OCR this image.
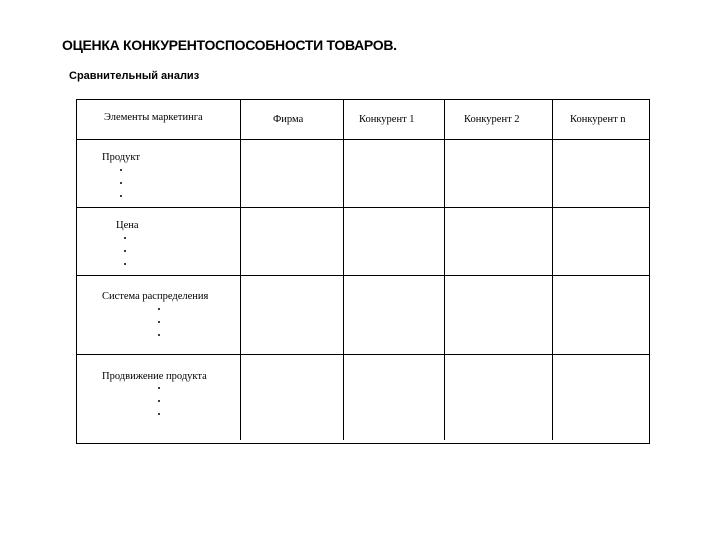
ОЦЕНКА КОНКУРЕНТОСПОСОБНОСТИ ТОВАРОВ.
Сравнительный анализ
Элементы маркетинга	Фирма	Конкурент 1	Конкурент 2	Конкурент n
Продукт
Цена
Система распределения
Продвижение продукта
